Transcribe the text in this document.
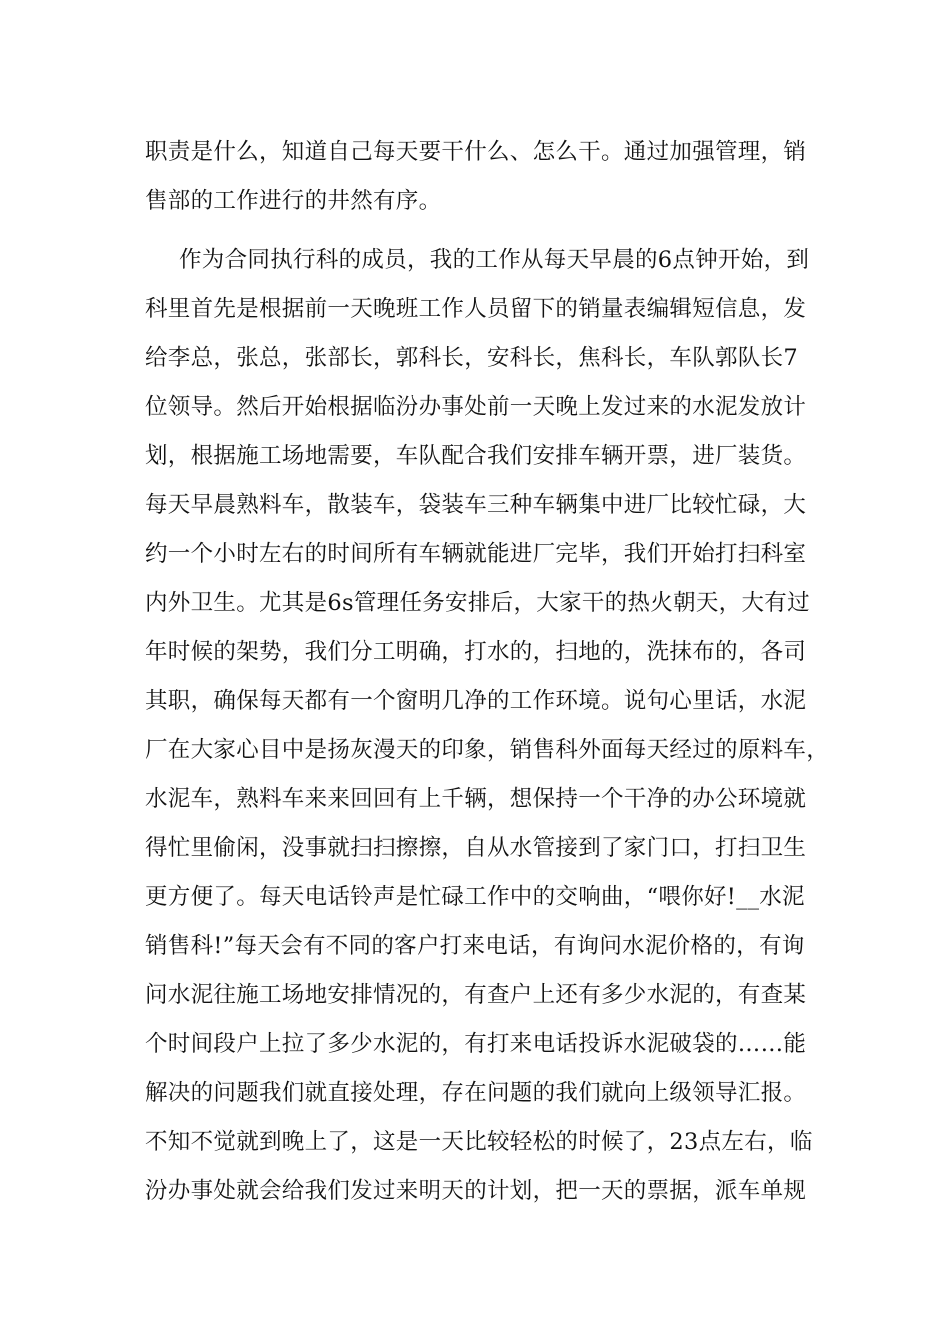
职责是什么，知道自己每天要干什么、怎么干。通过加强管理，销
售部的工作进行的井然有序。
作为合同执行科的成员，我的工作从每天早晨的6点钟开始，到
科里首先是根据前一天晚班工作人员留下的销量表编辑短信息，发
给李总，张总，张部长，郭科长，安科长，焦科长，车队郭队长7
位领导。然后开始根据临汾办事处前一天晚上发过来的水泥发放计
划，根据施工场地需要，车队配合我们安排车辆开票，进厂装货。
每天早晨熟料车，散装车，袋装车三种车辆集中进厂比较忙碌，大
约一个小时左右的时间所有车辆就能进厂完毕，我们开始打扫科室
内外卫生。尤其是6s管理任务安排后，大家干的热火朝天，大有过
年时候的架势，我们分工明确，打水的，扫地的，洗抹布的，各司
其职，确保每天都有一个窗明几净的工作环境。说句心里话，水泥
厂在大家心目中是扬灰漫天的印象，销售科外面每天经过的原料车，
水泥车，熟料车来来回回有上千辆，想保持一个干净的办公环境就
得忙里偷闲，没事就扫扫擦擦，自从水管接到了家门口，打扫卫生
更方便了。每天电话铃声是忙碌工作中的交响曲，“喂你好!__水泥
销售科!”每天会有不同的客户打来电话，有询问水泥价格的，有询
问水泥往施工场地安排情况的，有查户上还有多少水泥的，有查某
个时间段户上拉了多少水泥的，有打来电话投诉水泥破袋的……能
解决的问题我们就直接处理，存在问题的我们就向上级领导汇报。
不知不觉就到晚上了，这是一天比较轻松的时候了，23点左右，临
汾办事处就会给我们发过来明天的计划，把一天的票据，派车单规
